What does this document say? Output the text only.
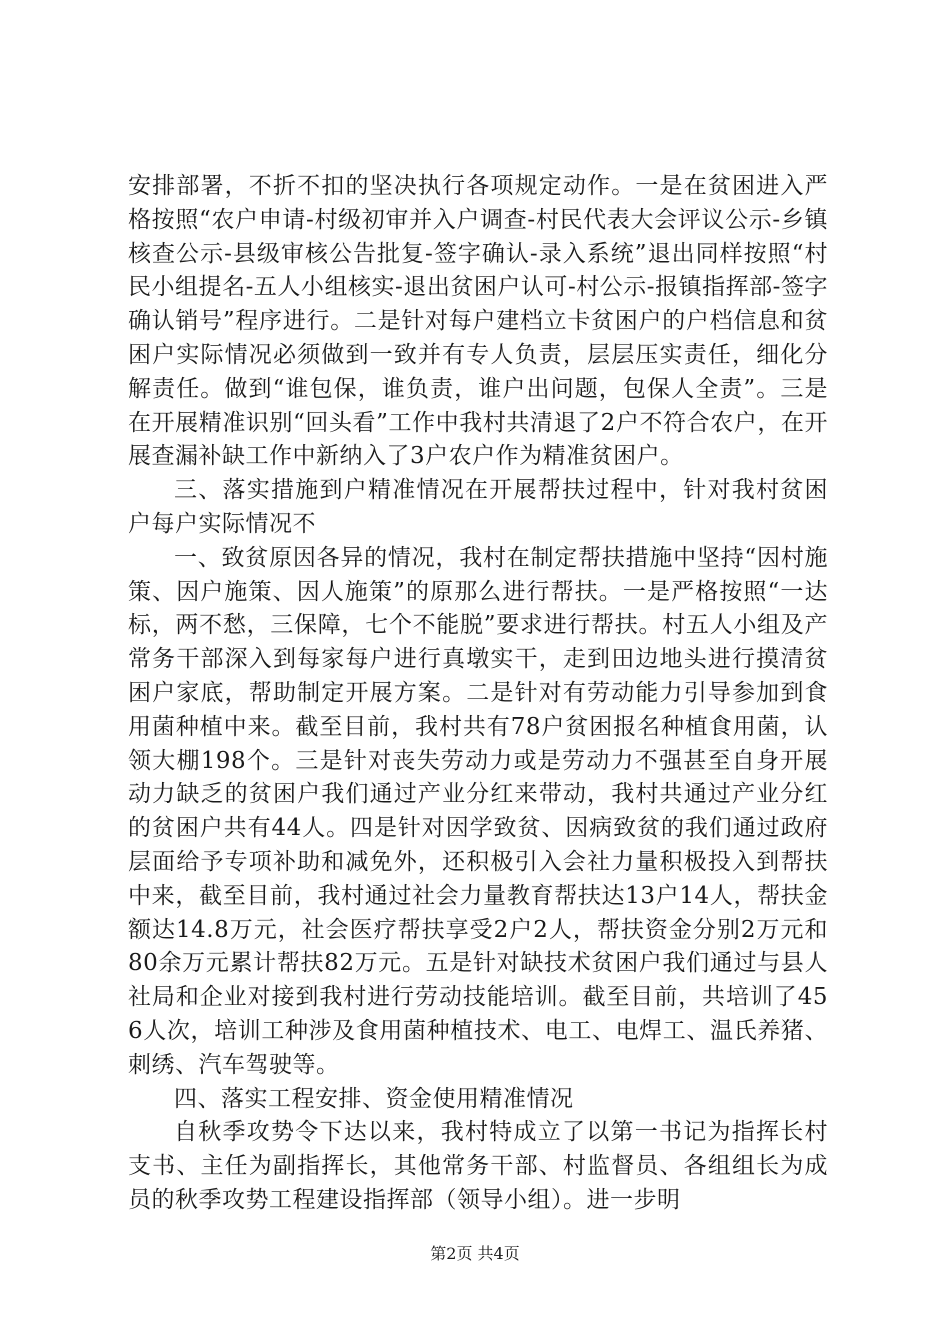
安排部署，不折不扣的坚决执行各项规定动作。一是在贫困进入严格按照“农户申请-村级初审并入户调查-村民代表大会评议公示-乡镇核查公示-县级审核公告批复-签字确认-录入系统”退出同样按照“村民小组提名-五人小组核实-退出贫困户认可-村公示-报镇指挥部-签字确认销号”程序进行。二是针对每户建档立卡贫困户的户档信息和贫困户实际情况必须做到一致并有专人负责，层层压实责任，细化分解责任。做到“谁包保，谁负责，谁户出问题，包保人全责”。三是在开展精准识别“回头看”工作中我村共清退了2户不符合农户，在开展查漏补缺工作中新纳入了3户农户作为精准贫困户。

三、落实措施到户精准情况在开展帮扶过程中，针对我村贫困户每户实际情况不

一、致贫原因各异的情况，我村在制定帮扶措施中坚持“因村施策、因户施策、因人施策”的原那么进行帮扶。一是严格按照“一达标，两不愁，三保障，七个不能脱”要求进行帮扶。村五人小组及产常务干部深入到每家每户进行真墩实干，走到田边地头进行摸清贫困户家底，帮助制定开展方案。二是针对有劳动能力引导参加到食用菌种植中来。截至目前，我村共有78户贫困报名种植食用菌，认领大棚198个。三是针对丧失劳动力或是劳动力不强甚至自身开展动力缺乏的贫困户我们通过产业分红来带动，我村共通过产业分红的贫困户共有44人。四是针对因学致贫、因病致贫的我们通过政府层面给予专项补助和减免外，还积极引入会社力量积极投入到帮扶中来，截至目前，我村通过社会力量教育帮扶达13户14人，帮扶金额达14.8万元，社会医疗帮扶享受2户2人，帮扶资金分别2万元和80余万元累计帮扶82万元。五是针对缺技术贫困户我们通过与县人社局和企业对接到我村进行劳动技能培训。截至目前，共培训了456人次，培训工种涉及食用菌种植技术、电工、电焊工、温氏养猪、刺绣、汽车驾驶等。

四、落实工程安排、资金使用精准情况

自秋季攻势令下达以来，我村特成立了以第一书记为指挥长村支书、主任为副指挥长，其他常务干部、村监督员、各组组长为成员的秋季攻势工程建设指挥部（领导小组）。进一步明

第2页 共4页
